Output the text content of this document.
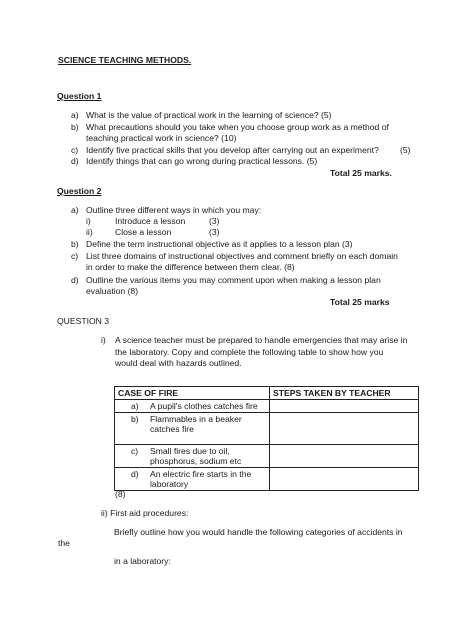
SCIENCE TEACHING METHODS.
Question 1
a) What is the value of practical work in the learning of science? (5)
b) What precautions should you take when you choose group work as a method of
teaching practical work in science? (10)
c) Identify five practical skills that you develop after carrying out an experiment? (5)
d) Identify things that can go wrong during practical lessons. (5)
Total 25 marks.
Question 2
a) Outline three different ways in which you may:
i)	Introduce a lesson	(3)
ii)	Close a lesson	(3)
b) Define the term instructional objective as it applies to a lesson plan (3)
c) List three domains of instructional objectives and comment briefly on each domain
in order to make the difference between them clear. (8)
d) Outline the various items you may comment upon when making a lesson plan
evaluation (8)
Total 25 marks
QUESTION 3
i) A science teacher must be prepared to handle emergencies that may arise in
the laboratory. Copy and complete the following table to show how you
would deal with hazards outlined.
CASE OF FIRE	STEPS TAKEN BY TEACHER

a) A pupil's clothes catches fire	

b) Flammables in a beaker
catches fire	

c) Small fires due to oil,
phosphorus, sodium etc	

d) An electric fire starts in the
laboratory	

(8)
ii) First aid procedures:
Briefly outline how you would handle the following categories of accidents in
the
in a laboratory:
